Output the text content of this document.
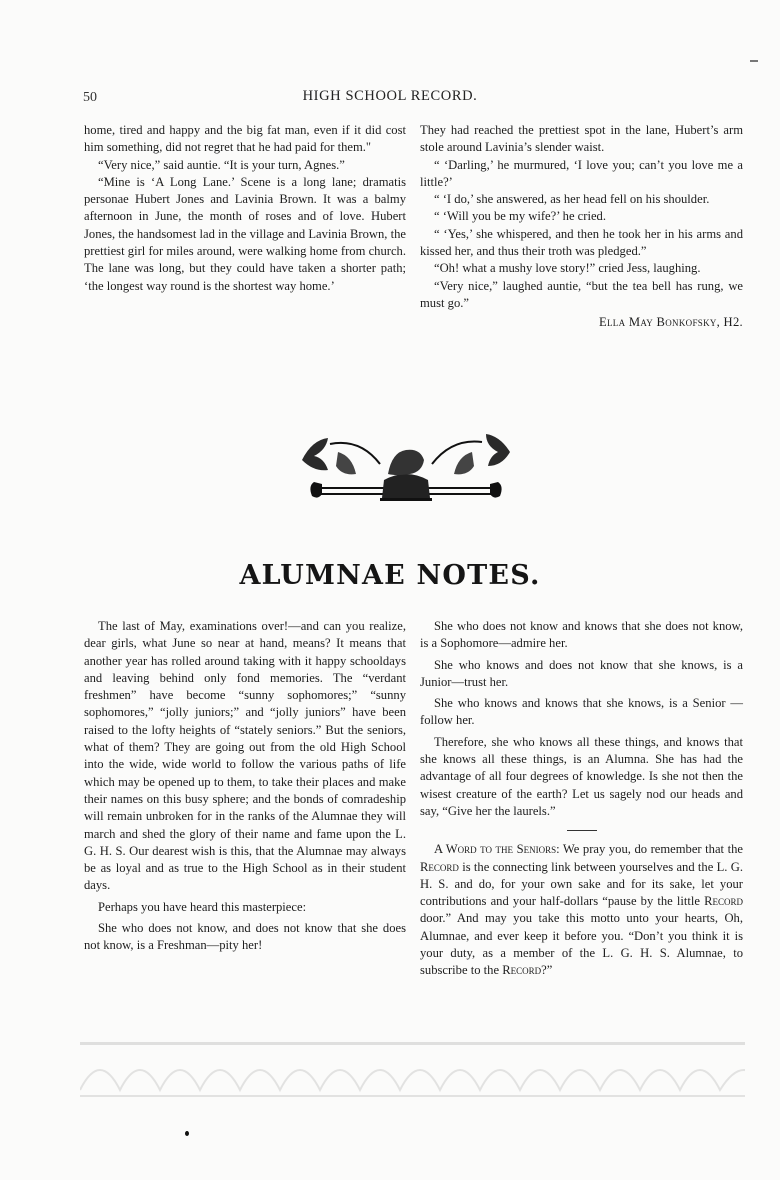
50	HIGH SCHOOL RECORD.

home, tired and happy and the big fat man, even if it did cost him something, did not regret that he had paid for them."

“Very nice,” said auntie. “It is your turn, Agnes.”

“Mine is ‘A Long Lane.’ Scene is a long lane; dramatis personae Hubert Jones and Lavinia Brown. It was a balmy afternoon in June, the month of roses and of love. Hubert Jones, the handsomest lad in the village and Lavinia Brown, the prettiest girl for miles around, were walking home from church. The lane was long, but they could have taken a shorter path; ‘the longest way round is the shortest way home.’

They had reached the prettiest spot in the lane, Hubert’s arm stole around Lavinia’s slender waist.

“ ‘Darling,’ he murmured, ‘I love you; can’t you love me a little?’

“ ‘I do,’ she answered, as her head fell on his shoulder.

“ ‘Will you be my wife?’ he cried.

“ ‘Yes,’ she whispered, and then he took her in his arms and kissed her, and thus their troth was pledged.”

“Oh! what a mushy love story!” cried Jess, laughing.

“Very nice,” laughed auntie, “but the tea bell has rung, we must go.”

Ella May Bonkofsky, H2.
ALUMNAE NOTES.

The last of May, examinations over!—and can you realize, dear girls, what June so near at hand, means? It means that another year has rolled around taking with it happy schooldays and leaving behind only fond memories. The “verdant freshmen” have become “sunny sophomores;” “sunny sophomores,” “jolly juniors;” and “jolly juniors” have been raised to the lofty heights of “stately seniors.” But the seniors, what of them? They are going out from the old High School into the wide, wide world to follow the various paths of life which may be opened up to them, to take their places and make their names on this busy sphere; and the bonds of comradeship will remain unbroken for in the ranks of the Alumnae they will march and shed the glory of their name and fame upon the L. G. H. S. Our dearest wish is this, that the Alumnae may always be as loyal and as true to the High School as in their student days.

Perhaps you have heard this masterpiece:

She who does not know, and does not know that she does not know, is a Freshman—pity her!

She who does not know and knows that she does not know, is a Sophomore—admire her.

She who knows and does not know that she knows, is a Junior—trust her.

She who knows and knows that she knows, is a Senior —follow her.

Therefore, she who knows all these things, and knows that she knows all these things, is an Alumna. She has had the advantage of all four degrees of knowledge. Is she not then the wisest creature of the earth? Let us sagely nod our heads and say, “Give her the laurels.”

A Word to the Seniors: We pray you, do remember that the Record is the connecting link between yourselves and the L. G. H. S. and do, for your own sake and for its sake, let your contributions and your half-dollars “pause by the little Record door.” And may you take this motto unto your hearts, Oh, Alumnae, and ever keep it before you. “Don’t you think it is your duty, as a member of the L. G. H. S. Alumnae, to subscribe to the Record?”
